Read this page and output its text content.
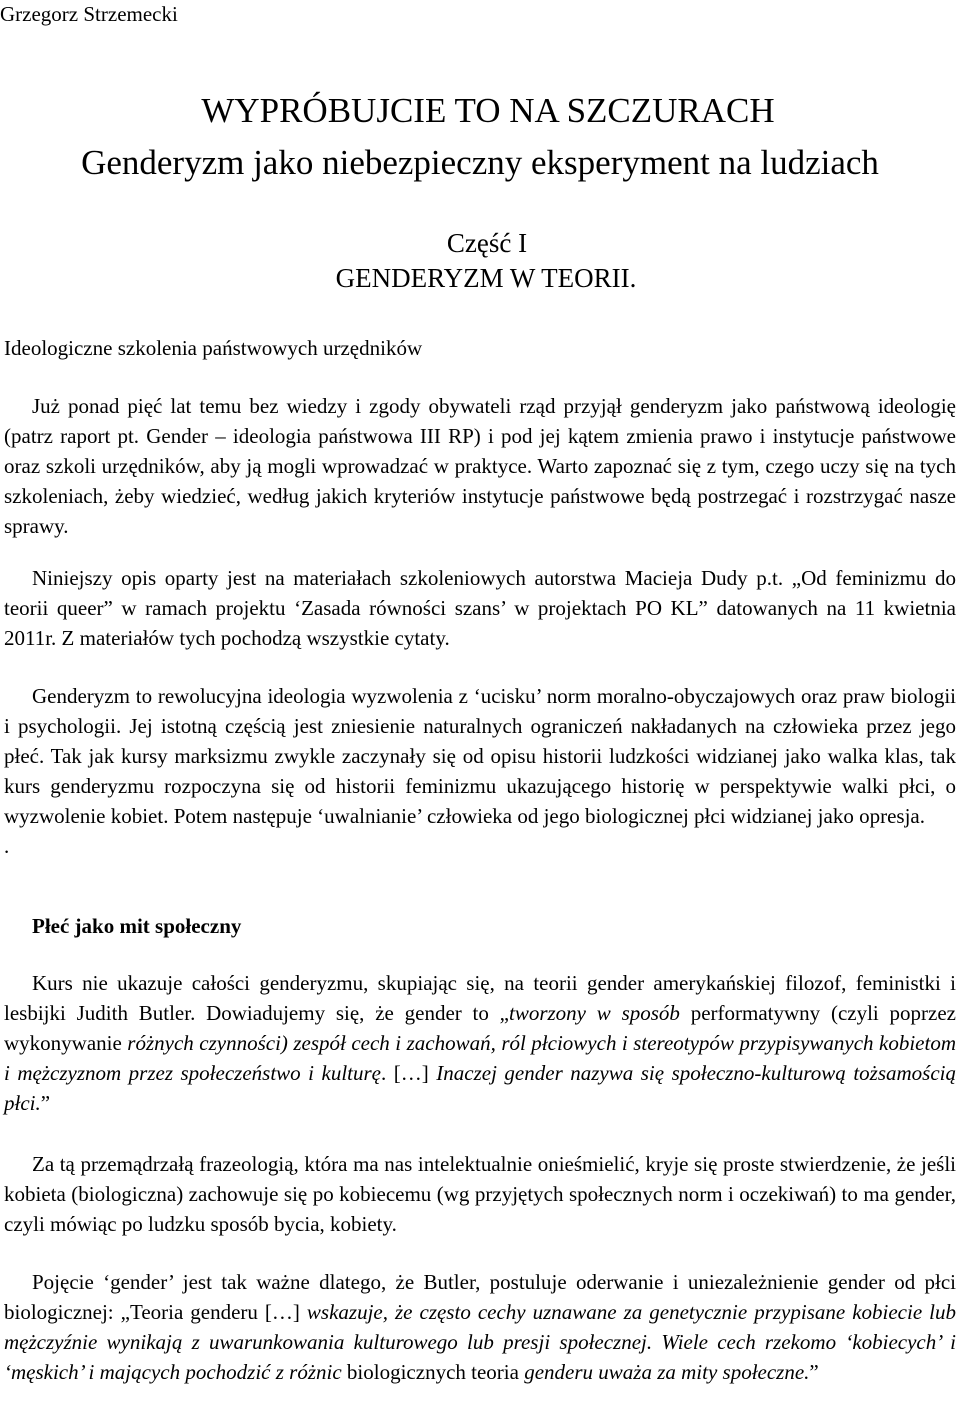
Grzegorz Strzemecki
WYPRÓBUJCIE TO NA SZCZURACH
Genderyzm jako niebezpieczny eksperyment na ludziach
Część I
GENDERYZM W TEORII.
Ideologiczne szkolenia państwowych urzędników

Już ponad pięć lat temu bez wiedzy i zgody obywateli rząd przyjął genderyzm jako państwową ideologię (patrz raport pt. Gender – ideologia państwowa III RP) i pod jej kątem zmienia prawo i instytucje państwowe oraz szkoli urzędników, aby ją mogli wprowadzać w praktyce. Warto zapoznać się z tym, czego uczy się na tych szkoleniach, żeby wiedzieć, według jakich kryteriów instytucje państwowe będą postrzegać i rozstrzygać nasze sprawy.

Niniejszy opis oparty jest na materiałach szkoleniowych autorstwa Macieja Dudy p.t. „Od feminizmu do teorii queer” w ramach projektu ‘Zasada równości szans’ w projektach PO KL” datowanych na 11 kwietnia 2011r. Z materiałów tych pochodzą wszystkie cytaty.

Genderyzm to rewolucyjna ideologia wyzwolenia z ‘ucisku’ norm moralno-obyczajowych oraz praw biologii i psychologii. Jej istotną częścią jest zniesienie naturalnych ograniczeń nakładanych na człowieka przez jego płeć. Tak jak kursy marksizmu zwykle zaczynały się od opisu historii ludzkości widzianej jako walka klas, tak kurs genderyzmu rozpoczyna się od historii feminizmu ukazującego historię w perspektywie walki płci, o wyzwolenie kobiet. Potem następuje ‘uwalnianie’ człowieka od jego biologicznej płci widzianej jako opresja.
.

Płeć jako mit społeczny

Kurs nie ukazuje całości genderyzmu, skupiając się, na teorii gender amerykańskiej filozof, feministki i lesbijki Judith Butler. Dowiadujemy się, że gender to „tworzony w sposób performatywny (czyli poprzez wykonywanie różnych czynności) zespół cech i zachowań, ról płciowych i stereotypów przypisywanych kobietom i mężczyznom przez społeczeństwo i kulturę. […] Inaczej gender nazywa się społeczno-kulturową tożsamością płci.”

Za tą przemądrzałą frazeologią, która ma nas intelektualnie onieśmielić, kryje się proste stwierdzenie, że jeśli kobieta (biologiczna) zachowuje się po kobiecemu (wg przyjętych społecznych norm i oczekiwań) to ma gender, czyli mówiąc po ludzku sposób bycia, kobiety.

Pojęcie ‘gender’ jest tak ważne dlatego, że Butler, postuluje oderwanie i uniezależnienie gender od płci biologicznej: „Teoria genderu […] wskazuje, że często cechy uznawane za genetycznie przypisane kobiecie lub mężczyźnie wynikają z uwarunkowania kulturowego lub presji społecznej. Wiele cech rzekomo ‘kobiecych’ i ‘męskich’ i mających pochodzić z różnic biologicznych teoria genderu uważa za mity społeczne.”
